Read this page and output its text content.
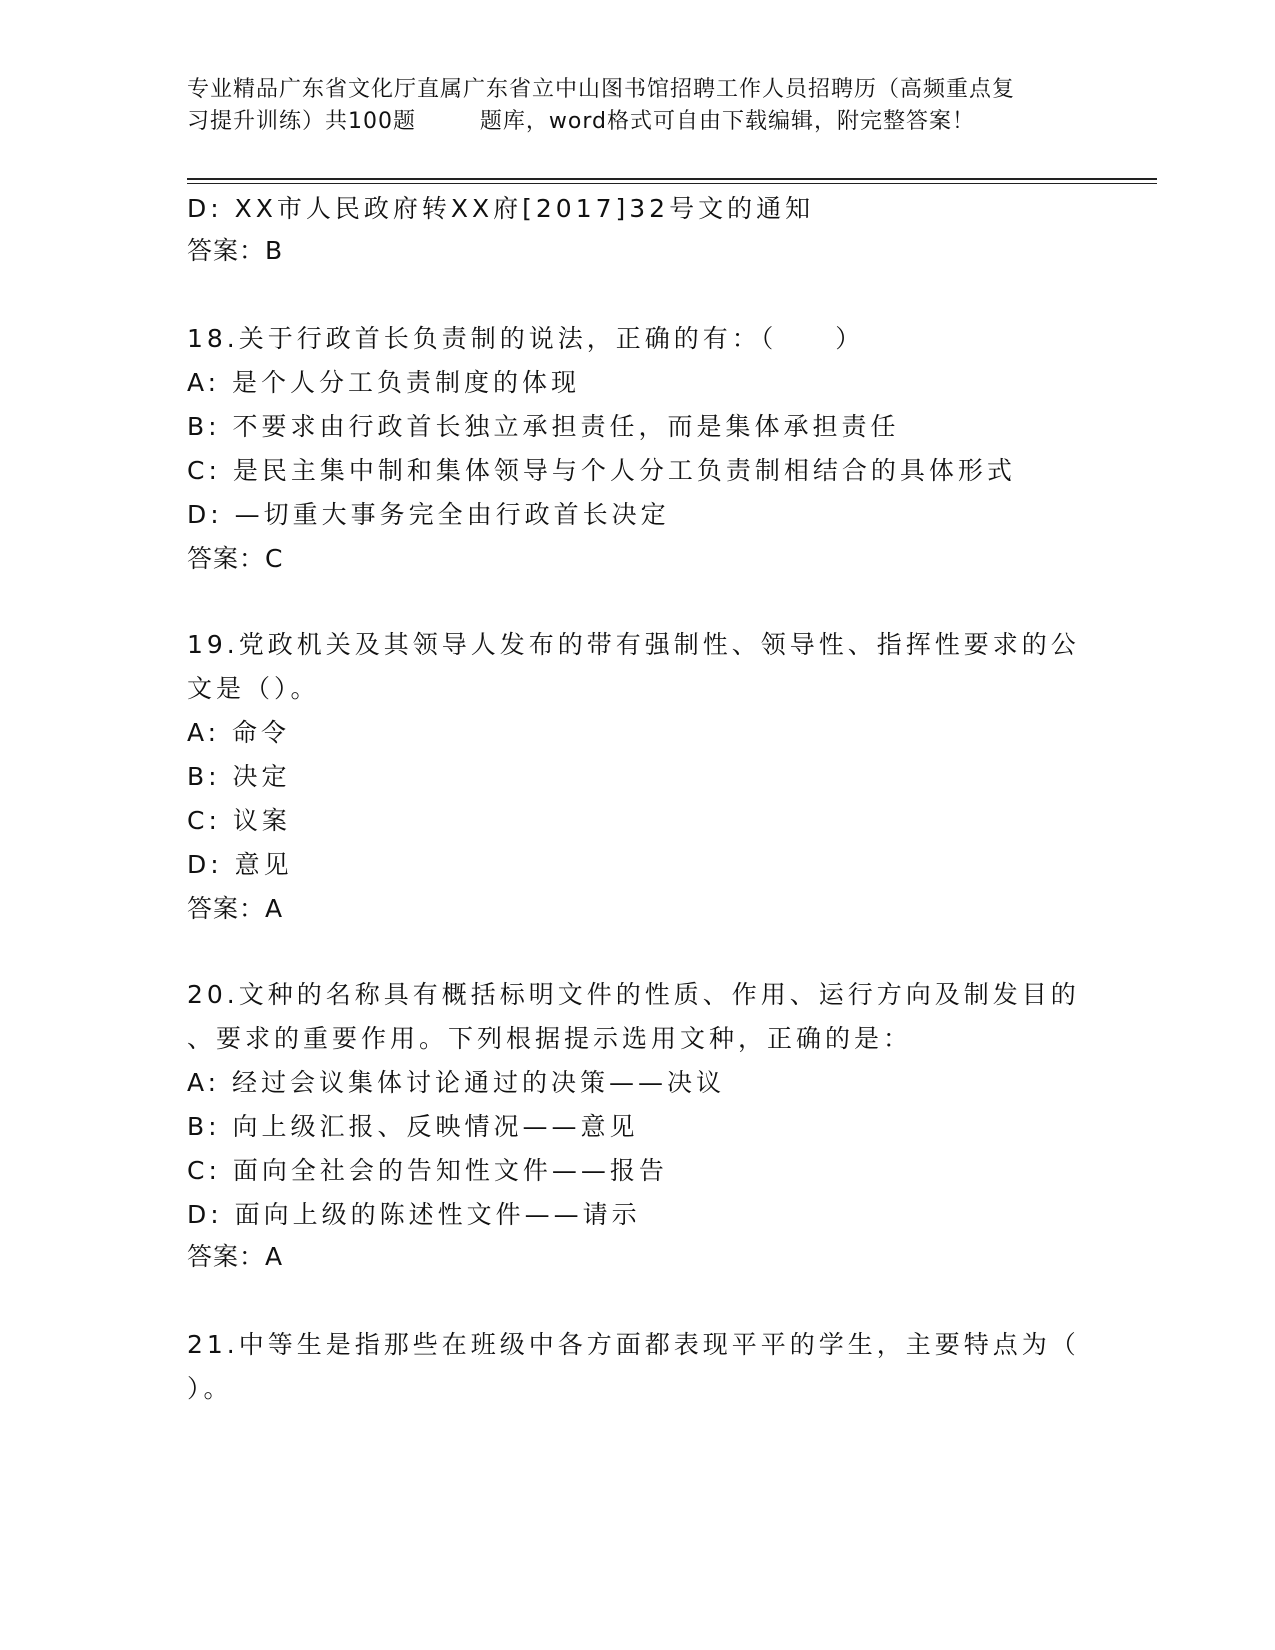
专业精品广东省文化厅直属广东省立中山图书馆招聘工作人员招聘历（高频重点复
习提升训练）共100题        题库，word格式可自由下载编辑，附完整答案！
D: XX市人民政府转XX府[2017]32号文的通知
答案：B
18.关于行政首长负责制的说法，正确的有：（　　）
A: 是个人分工负责制度的体现
B: 不要求由行政首长独立承担责任，而是集体承担责任
C: 是民主集中制和集体领导与个人分工负责制相结合的具体形式
D: —切重大事务完全由行政首长决定
答案：C
19.党政机关及其领导人发布的带有强制性、领导性、指挥性要求的公
文是（）。
A: 命令
B: 决定
C: 议案
D: 意见
答案：A
20.文种的名称具有概括标明文件的性质、作用、运行方向及制发目的
、要求的重要作用。下列根据提示选用文种，正确的是：
A: 经过会议集体讨论通过的决策——决议
B: 向上级汇报、反映情况——意见
C: 面向全社会的告知性文件——报告
D: 面向上级的陈述性文件——请示
答案：A
21.中等生是指那些在班级中各方面都表现平平的学生，主要特点为（
）。
